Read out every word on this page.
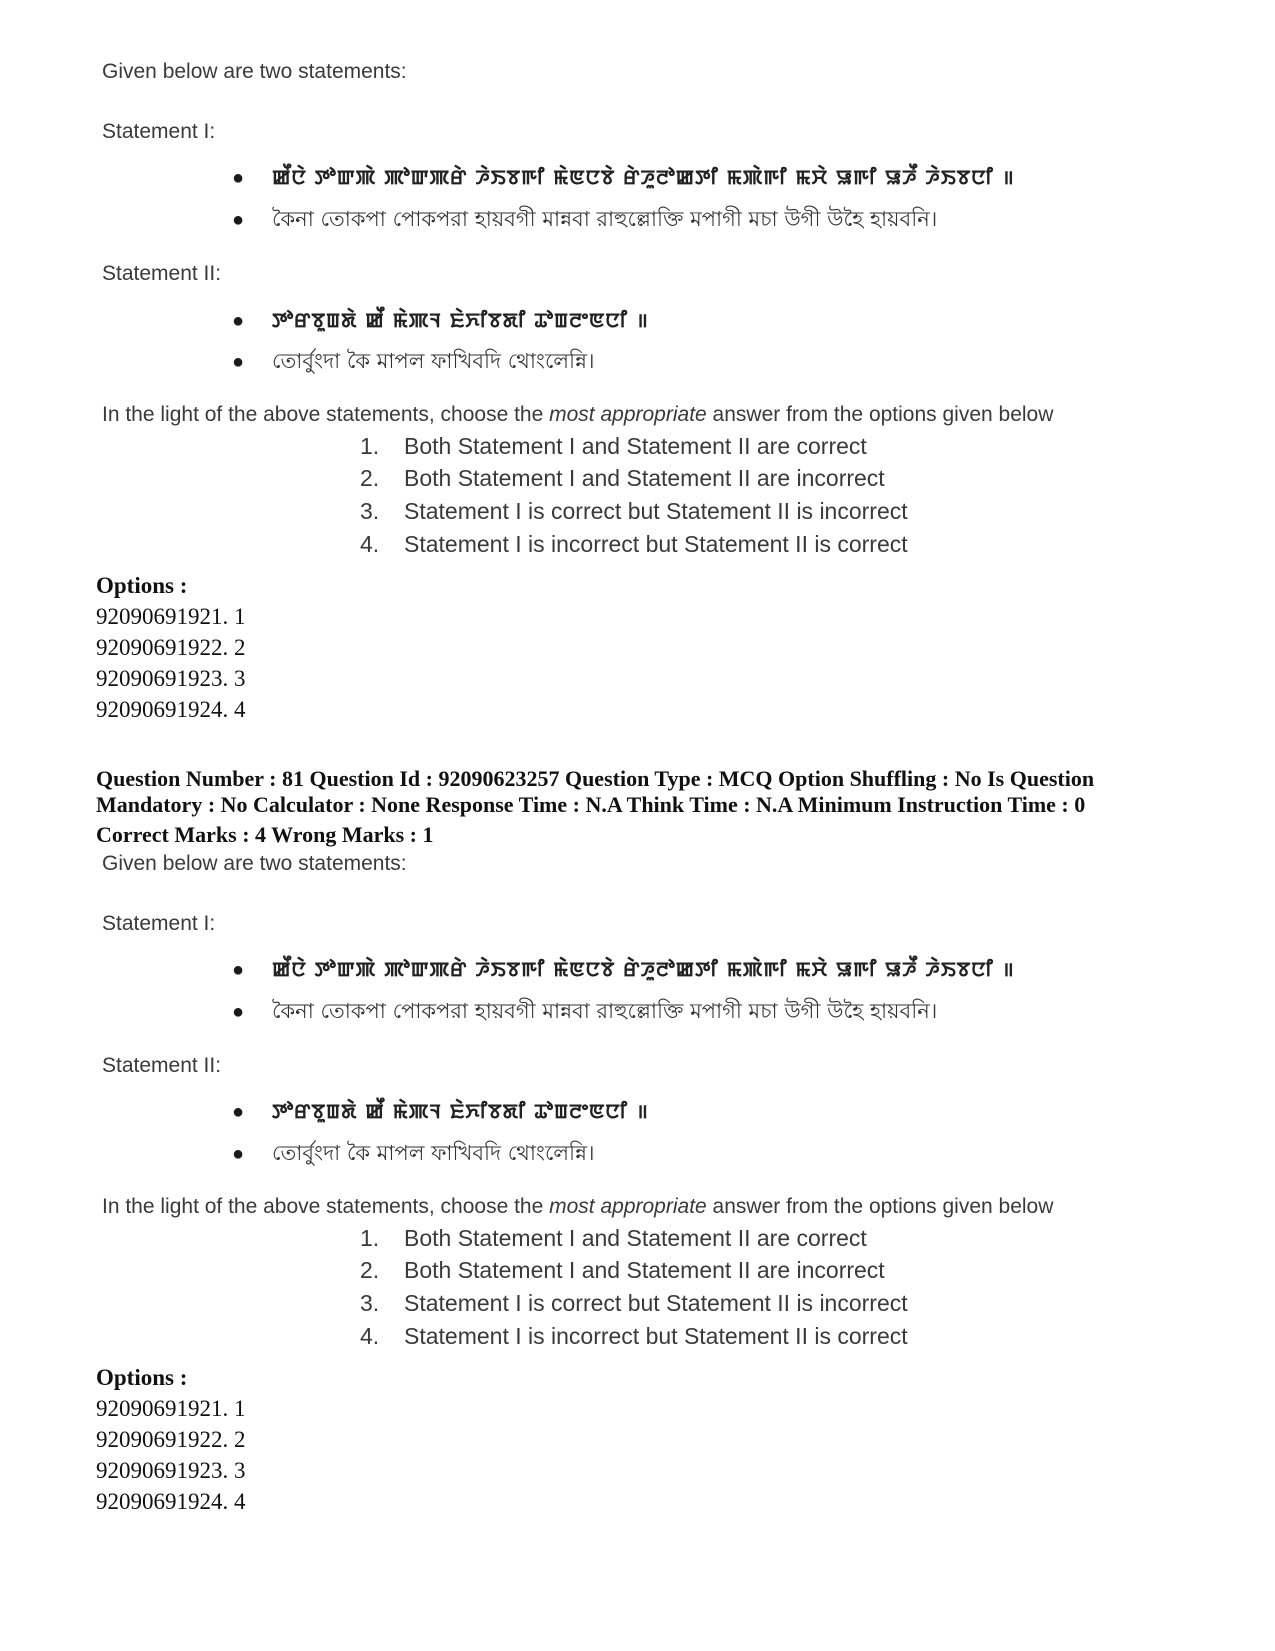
Given below are two statements:
Statement I:
● ꯀꯩꯅꯥ ꯇꯣꯛꯄꯥ ꯄꯣꯛꯄꯔꯥ ꯍꯥꯏꯕꯒꯤ ꯃꯥꯟꯅꯕꯥ ꯔꯥꯍꯨꯂꯣꯀꯇꯤ ꯃꯄꯥꯒꯤ ꯃꯆꯥ ꯎꯒꯤ ꯎꯍꯩ ꯍꯥꯏꯕꯅꯤ ॥
● কৈনা তোকপা পোকপরা হায়বগী মান্নবা রাহুল্লোক্তি মপাগী মচা উগী উহৈ হায়বনি।
Statement II:
● ꯇꯣꯔꯕꯨꯡꯗꯥ ꯀꯩ ꯃꯥꯄꯜ ꯐꯥꯈꯤꯕꯗꯤ ꯊꯣꯡꯂꯦꯟꯅꯤ ॥
● তোর্বুংদা কৈ মাপল ফাখিবদি থোংলেন্নি।
In the light of the above statements, choose the most appropriate answer from the options given below
1. Both Statement I and Statement II are correct
2. Both Statement I and Statement II are incorrect
3. Statement I is correct but Statement II is incorrect
4. Statement I is incorrect but Statement II is correct
Options :
92090691921. 1
92090691922. 2
92090691923. 3
92090691924. 4
Question Number : 81 Question Id : 92090623257 Question Type : MCQ Option Shuffling : No Is Question
Mandatory : No Calculator : None Response Time : N.A Think Time : N.A Minimum Instruction Time : 0
Correct Marks : 4 Wrong Marks : 1
Given below are two statements:
Statement I:
● ꯀꯩꯅꯥ ꯇꯣꯛꯄꯥ ꯄꯣꯛꯄꯔꯥ ꯍꯥꯏꯕꯒꯤ ꯃꯥꯟꯅꯕꯥ ꯔꯥꯍꯨꯂꯣꯀꯇꯤ ꯃꯄꯥꯒꯤ ꯃꯆꯥ ꯎꯒꯤ ꯎꯍꯩ ꯍꯥꯏꯕꯅꯤ ॥
● কৈনা তোকপা পোকপরা হায়বগী মান্নবা রাহুল্লোক্তি মপাগী মচা উগী উহৈ হায়বনি।
Statement II:
● ꯇꯣꯔꯕꯨꯡꯗꯥ ꯀꯩ ꯃꯥꯄꯜ ꯐꯥꯈꯤꯕꯗꯤ ꯊꯣꯡꯂꯦꯟꯅꯤ ॥
● তোর্বুংদা কৈ মাপল ফাখিবদি থোংলেন্নি।
In the light of the above statements, choose the most appropriate answer from the options given below
1. Both Statement I and Statement II are correct
2. Both Statement I and Statement II are incorrect
3. Statement I is correct but Statement II is incorrect
4. Statement I is incorrect but Statement II is correct
Options :
92090691921. 1
92090691922. 2
92090691923. 3
92090691924. 4
